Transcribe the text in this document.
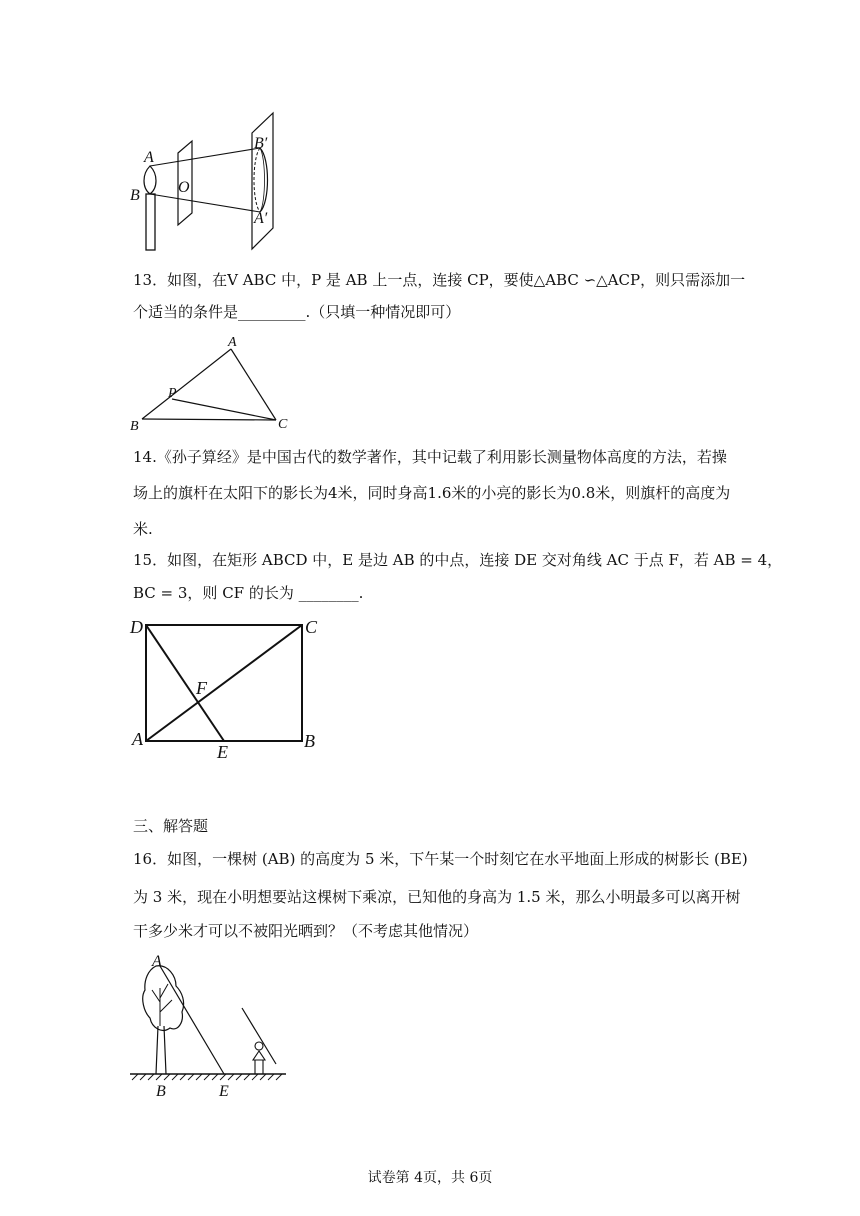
A
B O
B′
A′
13．如图，在V ABC 中，P 是 AB 上一点，连接 CP，要使△ABC ∽△ACP，则只需添加一
个适当的条件是_________.（只填一种情况即可）
A
P
B	C
14.《孙子算经》是中国古代的数学著作，其中记载了利用影长测量物体高度的方法，若操
场上的旗杆在太阳下的影长为4米，同时身高1.6米的小亮的影长为0.8米，则旗杆的高度为
米.
15．如图，在矩形 ABCD 中，E 是边 AB 的中点，连接 DE 交对角线 AC 于点 F，若 AB = 4，
BC = 3，则 CF 的长为 ________.
D	C
F
A
E
B
三、解答题
16．如图，一棵树 (AB) 的高度为 5 米，下午某一个时刻它在水平地面上形成的树影长 (BE)
为 3 米，现在小明想要站这棵树下乘凉，已知他的身高为 1.5 米，那么小明最多可以离开树
干多少米才可以不被阳光晒到？（不考虑其他情况）
A
B	E
试卷第 4页，共 6页
